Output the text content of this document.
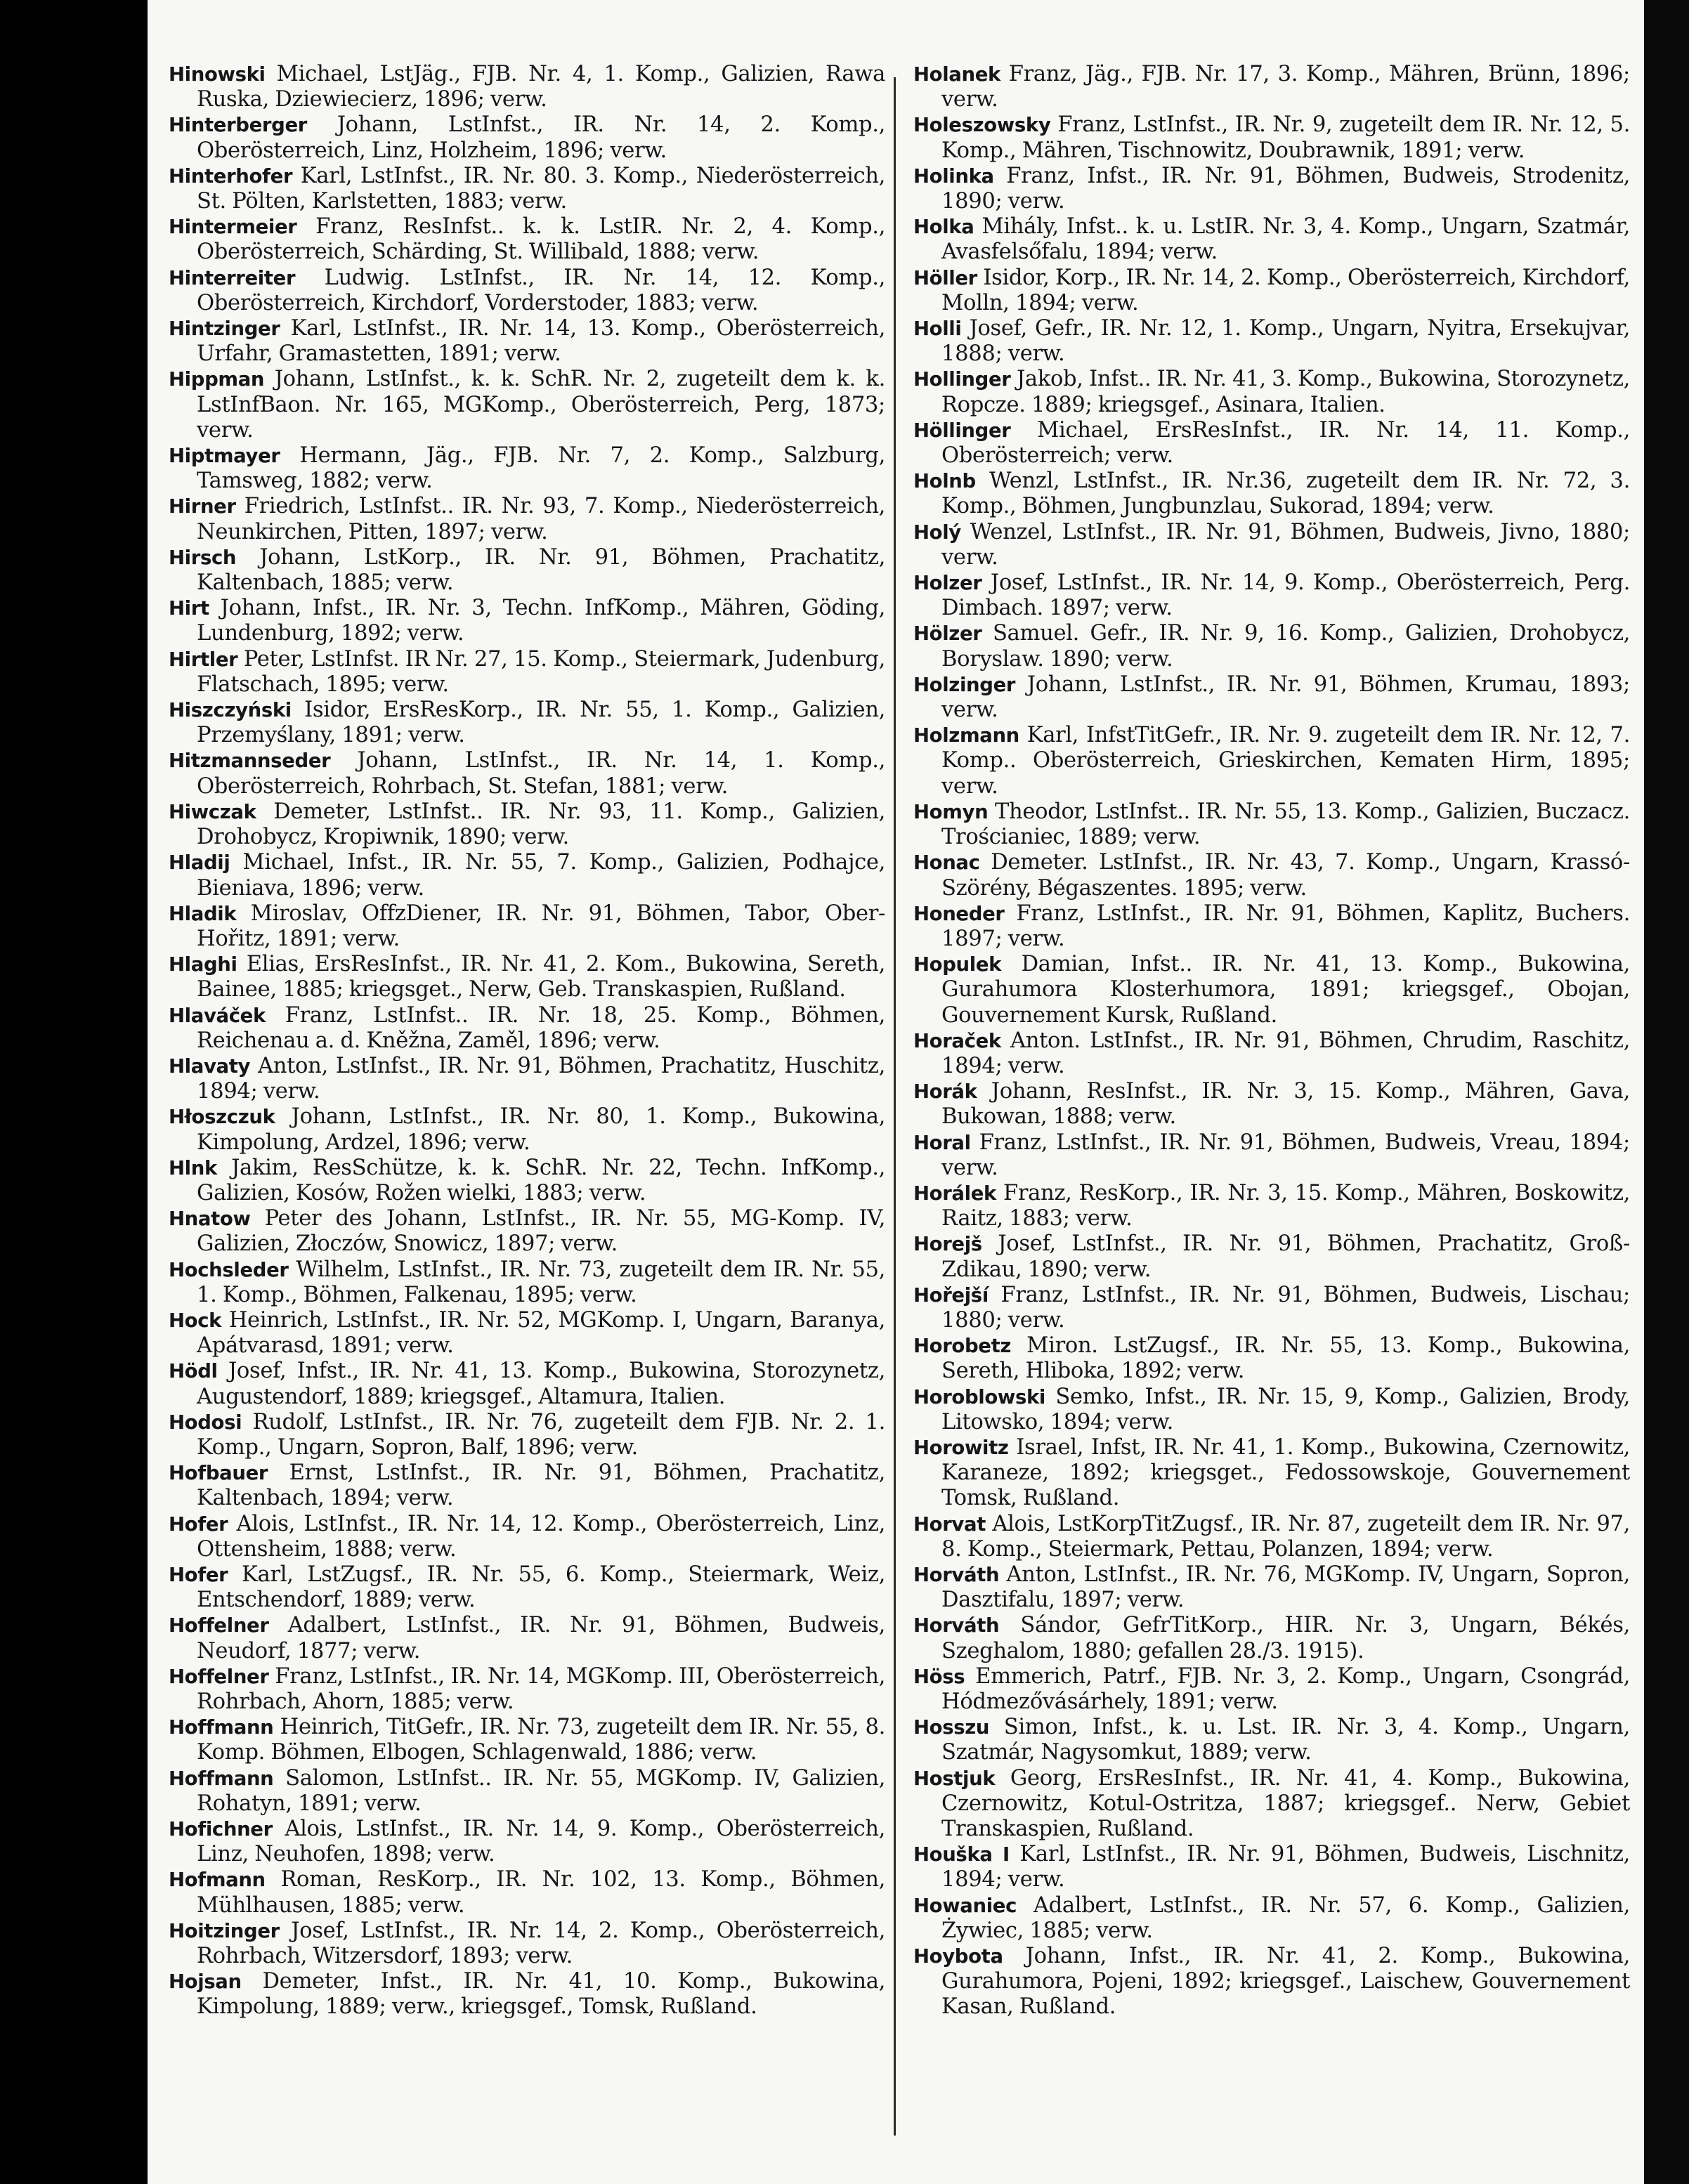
Hinowski Michael, LstJäg., FJB. Nr. 4, 1. Komp., Galizien, Rawa Ruska, Dziewiecierz, 1896; verw.

Hinterberger Johann, LstInfst., IR. Nr. 14, 2. Komp., Oberösterreich, Linz, Holzheim, 1896; verw.

Hinterhofer Karl, LstInfst., IR. Nr. 80. 3. Komp., Niederösterreich, St. Pölten, Karlstetten, 1883; verw.

Hintermeier Franz, ResInfst.. k. k. LstIR. Nr. 2, 4. Komp., Oberösterreich, Schärding, St. Willibald, 1888; verw.

Hinterreiter Ludwig. LstInfst., IR. Nr. 14, 12. Komp., Oberösterreich, Kirchdorf, Vorderstoder, 1883; verw.

Hintzinger Karl, LstInfst., IR. Nr. 14, 13. Komp., Oberösterreich, Urfahr, Gramastetten, 1891; verw.

Hippman Johann, LstInfst., k. k. SchR. Nr. 2, zugeteilt dem k. k. LstInfBaon. Nr. 165, MGKomp., Oberösterreich, Perg, 1873; verw.

Hiptmayer Hermann, Jäg., FJB. Nr. 7, 2. Komp., Salzburg, Tamsweg, 1882; verw.

Hirner Friedrich, LstInfst.. IR. Nr. 93, 7. Komp., Niederösterreich, Neunkirchen, Pitten, 1897; verw.

Hirsch Johann, LstKorp., IR. Nr. 91, Böhmen, Prachatitz, Kaltenbach, 1885; verw.

Hirt Johann, Infst., IR. Nr. 3, Techn. InfKomp., Mähren, Göding, Lundenburg, 1892; verw.

Hirtler Peter, LstInfst. IR Nr. 27, 15. Komp., Steiermark, Judenburg, Flatschach, 1895; verw.

Hiszczyński Isidor, ErsResKorp., IR. Nr. 55, 1. Komp., Galizien, Przemyślany, 1891; verw.

Hitzmannseder Johann, LstInfst., IR. Nr. 14, 1. Komp., Oberösterreich, Rohrbach, St. Stefan, 1881; verw.

Hiwczak Demeter, LstInfst.. IR. Nr. 93, 11. Komp., Galizien, Drohobycz, Kropiwnik, 1890; verw.

Hladij Michael, Infst., IR. Nr. 55, 7. Komp., Galizien, Podhajce, Bieniava, 1896; verw.

Hladik Miroslav, OffzDiener, IR. Nr. 91, Böhmen, Tabor, Ober-Hořitz, 1891; verw.

Hlaghi Elias, ErsResInfst., IR. Nr. 41, 2. Kom., Bukowina, Sereth, Bainee, 1885; kriegsget., Nerw, Geb. Transkaspien, Rußland.

Hlaváček Franz, LstInfst.. IR. Nr. 18, 25. Komp., Böhmen, Reichenau a. d. Kněžna, Zaměl, 1896; verw.

Hlavaty Anton, LstInfst., IR. Nr. 91, Böhmen, Prachatitz, Huschitz, 1894; verw.

Hłoszczuk Johann, LstInfst., IR. Nr. 80, 1. Komp., Bukowina, Kimpolung, Ardzel, 1896; verw.

Hlnk Jakim, ResSchütze, k. k. SchR. Nr. 22, Techn. InfKomp., Galizien, Kosów, Rožen wielki, 1883; verw.

Hnatow Peter des Johann, LstInfst., IR. Nr. 55, MG-Komp. IV, Galizien, Złoczów, Snowicz, 1897; verw.

Hochsleder Wilhelm, LstInfst., IR. Nr. 73, zugeteilt dem IR. Nr. 55, 1. Komp., Böhmen, Falkenau, 1895; verw.

Hock Heinrich, LstInfst., IR. Nr. 52, MGKomp. I, Ungarn, Baranya, Apátvarasd, 1891; verw.

Hödl Josef, Infst., IR. Nr. 41, 13. Komp., Bukowina, Storozynetz, Augustendorf, 1889; kriegsgef., Altamura, Italien.

Hodosi Rudolf, LstInfst., IR. Nr. 76, zugeteilt dem FJB. Nr. 2. 1. Komp., Ungarn, Sopron, Balf, 1896; verw.

Hofbauer Ernst, LstInfst., IR. Nr. 91, Böhmen, Prachatitz, Kaltenbach, 1894; verw.

Hofer Alois, LstInfst., IR. Nr. 14, 12. Komp., Oberösterreich, Linz, Ottensheim, 1888; verw.

Hofer Karl, LstZugsf., IR. Nr. 55, 6. Komp., Steiermark, Weiz, Entschendorf, 1889; verw.

Hoffelner Adalbert, LstInfst., IR. Nr. 91, Böhmen, Budweis, Neudorf, 1877; verw.

Hoffelner Franz, LstInfst., IR. Nr. 14, MGKomp. III, Oberösterreich, Rohrbach, Ahorn, 1885; verw.

Hoffmann Heinrich, TitGefr., IR. Nr. 73, zugeteilt dem IR. Nr. 55, 8. Komp. Böhmen, Elbogen, Schlagenwald, 1886; verw.

Hoffmann Salomon, LstInfst.. IR. Nr. 55, MGKomp. IV, Galizien, Rohatyn, 1891; verw.

Hofichner Alois, LstInfst., IR. Nr. 14, 9. Komp., Oberösterreich, Linz, Neuhofen, 1898; verw.

Hofmann Roman, ResKorp., IR. Nr. 102, 13. Komp., Böhmen, Mühlhausen, 1885; verw.

Hoitzinger Josef, LstInfst., IR. Nr. 14, 2. Komp., Oberösterreich, Rohrbach, Witzersdorf, 1893; verw.

Hojsan Demeter, Infst., IR. Nr. 41, 10. Komp., Bukowina, Kimpolung, 1889; verw., kriegsgef., Tomsk, Rußland.

Holanek Franz, Jäg., FJB. Nr. 17, 3. Komp., Mähren, Brünn, 1896; verw.

Holeszowsky Franz, LstInfst., IR. Nr. 9, zugeteilt dem IR. Nr. 12, 5. Komp., Mähren, Tischnowitz, Doubrawnik, 1891; verw.

Holinka Franz, Infst., IR. Nr. 91, Böhmen, Budweis, Strodenitz, 1890; verw.

Holka Mihály, Infst.. k. u. LstIR. Nr. 3, 4. Komp., Ungarn, Szatmár, Avasfelsőfalu, 1894; verw.

Höller Isidor, Korp., IR. Nr. 14, 2. Komp., Oberösterreich, Kirchdorf, Molln, 1894; verw.

Holli Josef, Gefr., IR. Nr. 12, 1. Komp., Ungarn, Nyitra, Ersekujvar, 1888; verw.

Hollinger Jakob, Infst.. IR. Nr. 41, 3. Komp., Bukowina, Storozynetz, Ropcze. 1889; kriegsgef., Asinara, Italien.

Höllinger Michael, ErsResInfst., IR. Nr. 14, 11. Komp., Oberösterreich; verw.

Holnb Wenzl, LstInfst., IR. Nr.36, zugeteilt dem IR. Nr. 72, 3. Komp., Böhmen, Jungbunzlau, Sukorad, 1894; verw.

Holý Wenzel, LstInfst., IR. Nr. 91, Böhmen, Budweis, Jivno, 1880; verw.

Holzer Josef, LstInfst., IR. Nr. 14, 9. Komp., Oberösterreich, Perg. Dimbach. 1897; verw.

Hölzer Samuel. Gefr., IR. Nr. 9, 16. Komp., Galizien, Drohobycz, Boryslaw. 1890; verw.

Holzinger Johann, LstInfst., IR. Nr. 91, Böhmen, Krumau, 1893; verw.

Holzmann Karl, InfstTitGefr., IR. Nr. 9. zugeteilt dem IR. Nr. 12, 7. Komp.. Oberösterreich, Grieskirchen, Kematen Hirm, 1895; verw.

Homyn Theodor, LstInfst.. IR. Nr. 55, 13. Komp., Galizien, Buczacz. Trościaniec, 1889; verw.

Honac Demeter. LstInfst., IR. Nr. 43, 7. Komp., Ungarn, Krassó-Szörény, Bégaszentes. 1895; verw.

Honeder Franz, LstInfst., IR. Nr. 91, Böhmen, Kaplitz, Buchers. 1897; verw.

Hopulek Damian, Infst.. IR. Nr. 41, 13. Komp., Bukowina, Gurahumora Klosterhumora, 1891; kriegsgef., Obojan, Gouvernement Kursk, Rußland.

Horaček Anton. LstInfst., IR. Nr. 91, Böhmen, Chrudim, Raschitz, 1894; verw.

Horák Johann, ResInfst., IR. Nr. 3, 15. Komp., Mähren, Gava, Bukowan, 1888; verw.

Horal Franz, LstInfst., IR. Nr. 91, Böhmen, Budweis, Vreau, 1894; verw.

Horálek Franz, ResKorp., IR. Nr. 3, 15. Komp., Mähren, Boskowitz, Raitz, 1883; verw.

Horejš Josef, LstInfst., IR. Nr. 91, Böhmen, Prachatitz, Groß-Zdikau, 1890; verw.

Hořejší Franz, LstInfst., IR. Nr. 91, Böhmen, Budweis, Lischau; 1880; verw.

Horobetz Miron. LstZugsf., IR. Nr. 55, 13. Komp., Bukowina, Sereth, Hliboka, 1892; verw.

Horoblowski Semko, Infst., IR. Nr. 15, 9, Komp., Galizien, Brody, Litowsko, 1894; verw.

Horowitz Israel, Infst, IR. Nr. 41, 1. Komp., Bukowina, Czernowitz, Karaneze, 1892; kriegsget., Fedossowskoje, Gouvernement Tomsk, Rußland.

Horvat Alois, LstKorpTitZugsf., IR. Nr. 87, zugeteilt dem IR. Nr. 97, 8. Komp., Steiermark, Pettau, Polanzen, 1894; verw.

Horváth Anton, LstInfst., IR. Nr. 76, MGKomp. IV, Ungarn, Sopron, Dasztifalu, 1897; verw.

Horváth Sándor, GefrTitKorp., HIR. Nr. 3, Ungarn, Békés, Szeghalom, 1880; gefallen 28./3. 1915).

Höss Emmerich, Patrf., FJB. Nr. 3, 2. Komp., Ungarn, Csongrád, Hódmezővásárhely, 1891; verw.

Hosszu Simon, Infst., k. u. Lst. IR. Nr. 3, 4. Komp., Ungarn, Szatmár, Nagysomkut, 1889; verw.

Hostjuk Georg, ErsResInfst., IR. Nr. 41, 4. Komp., Bukowina, Czernowitz, Kotul-Ostritza, 1887; kriegsgef.. Nerw, Gebiet Transkaspien, Rußland.

Houška I Karl, LstInfst., IR. Nr. 91, Böhmen, Budweis, Lischnitz, 1894; verw.

Howaniec Adalbert, LstInfst., IR. Nr. 57, 6. Komp., Galizien, Żywiec, 1885; verw.

Hoybota Johann, Infst., IR. Nr. 41, 2. Komp., Bukowina, Gurahumora, Pojeni, 1892; kriegsgef., Laischew, Gouvernement Kasan, Rußland.
